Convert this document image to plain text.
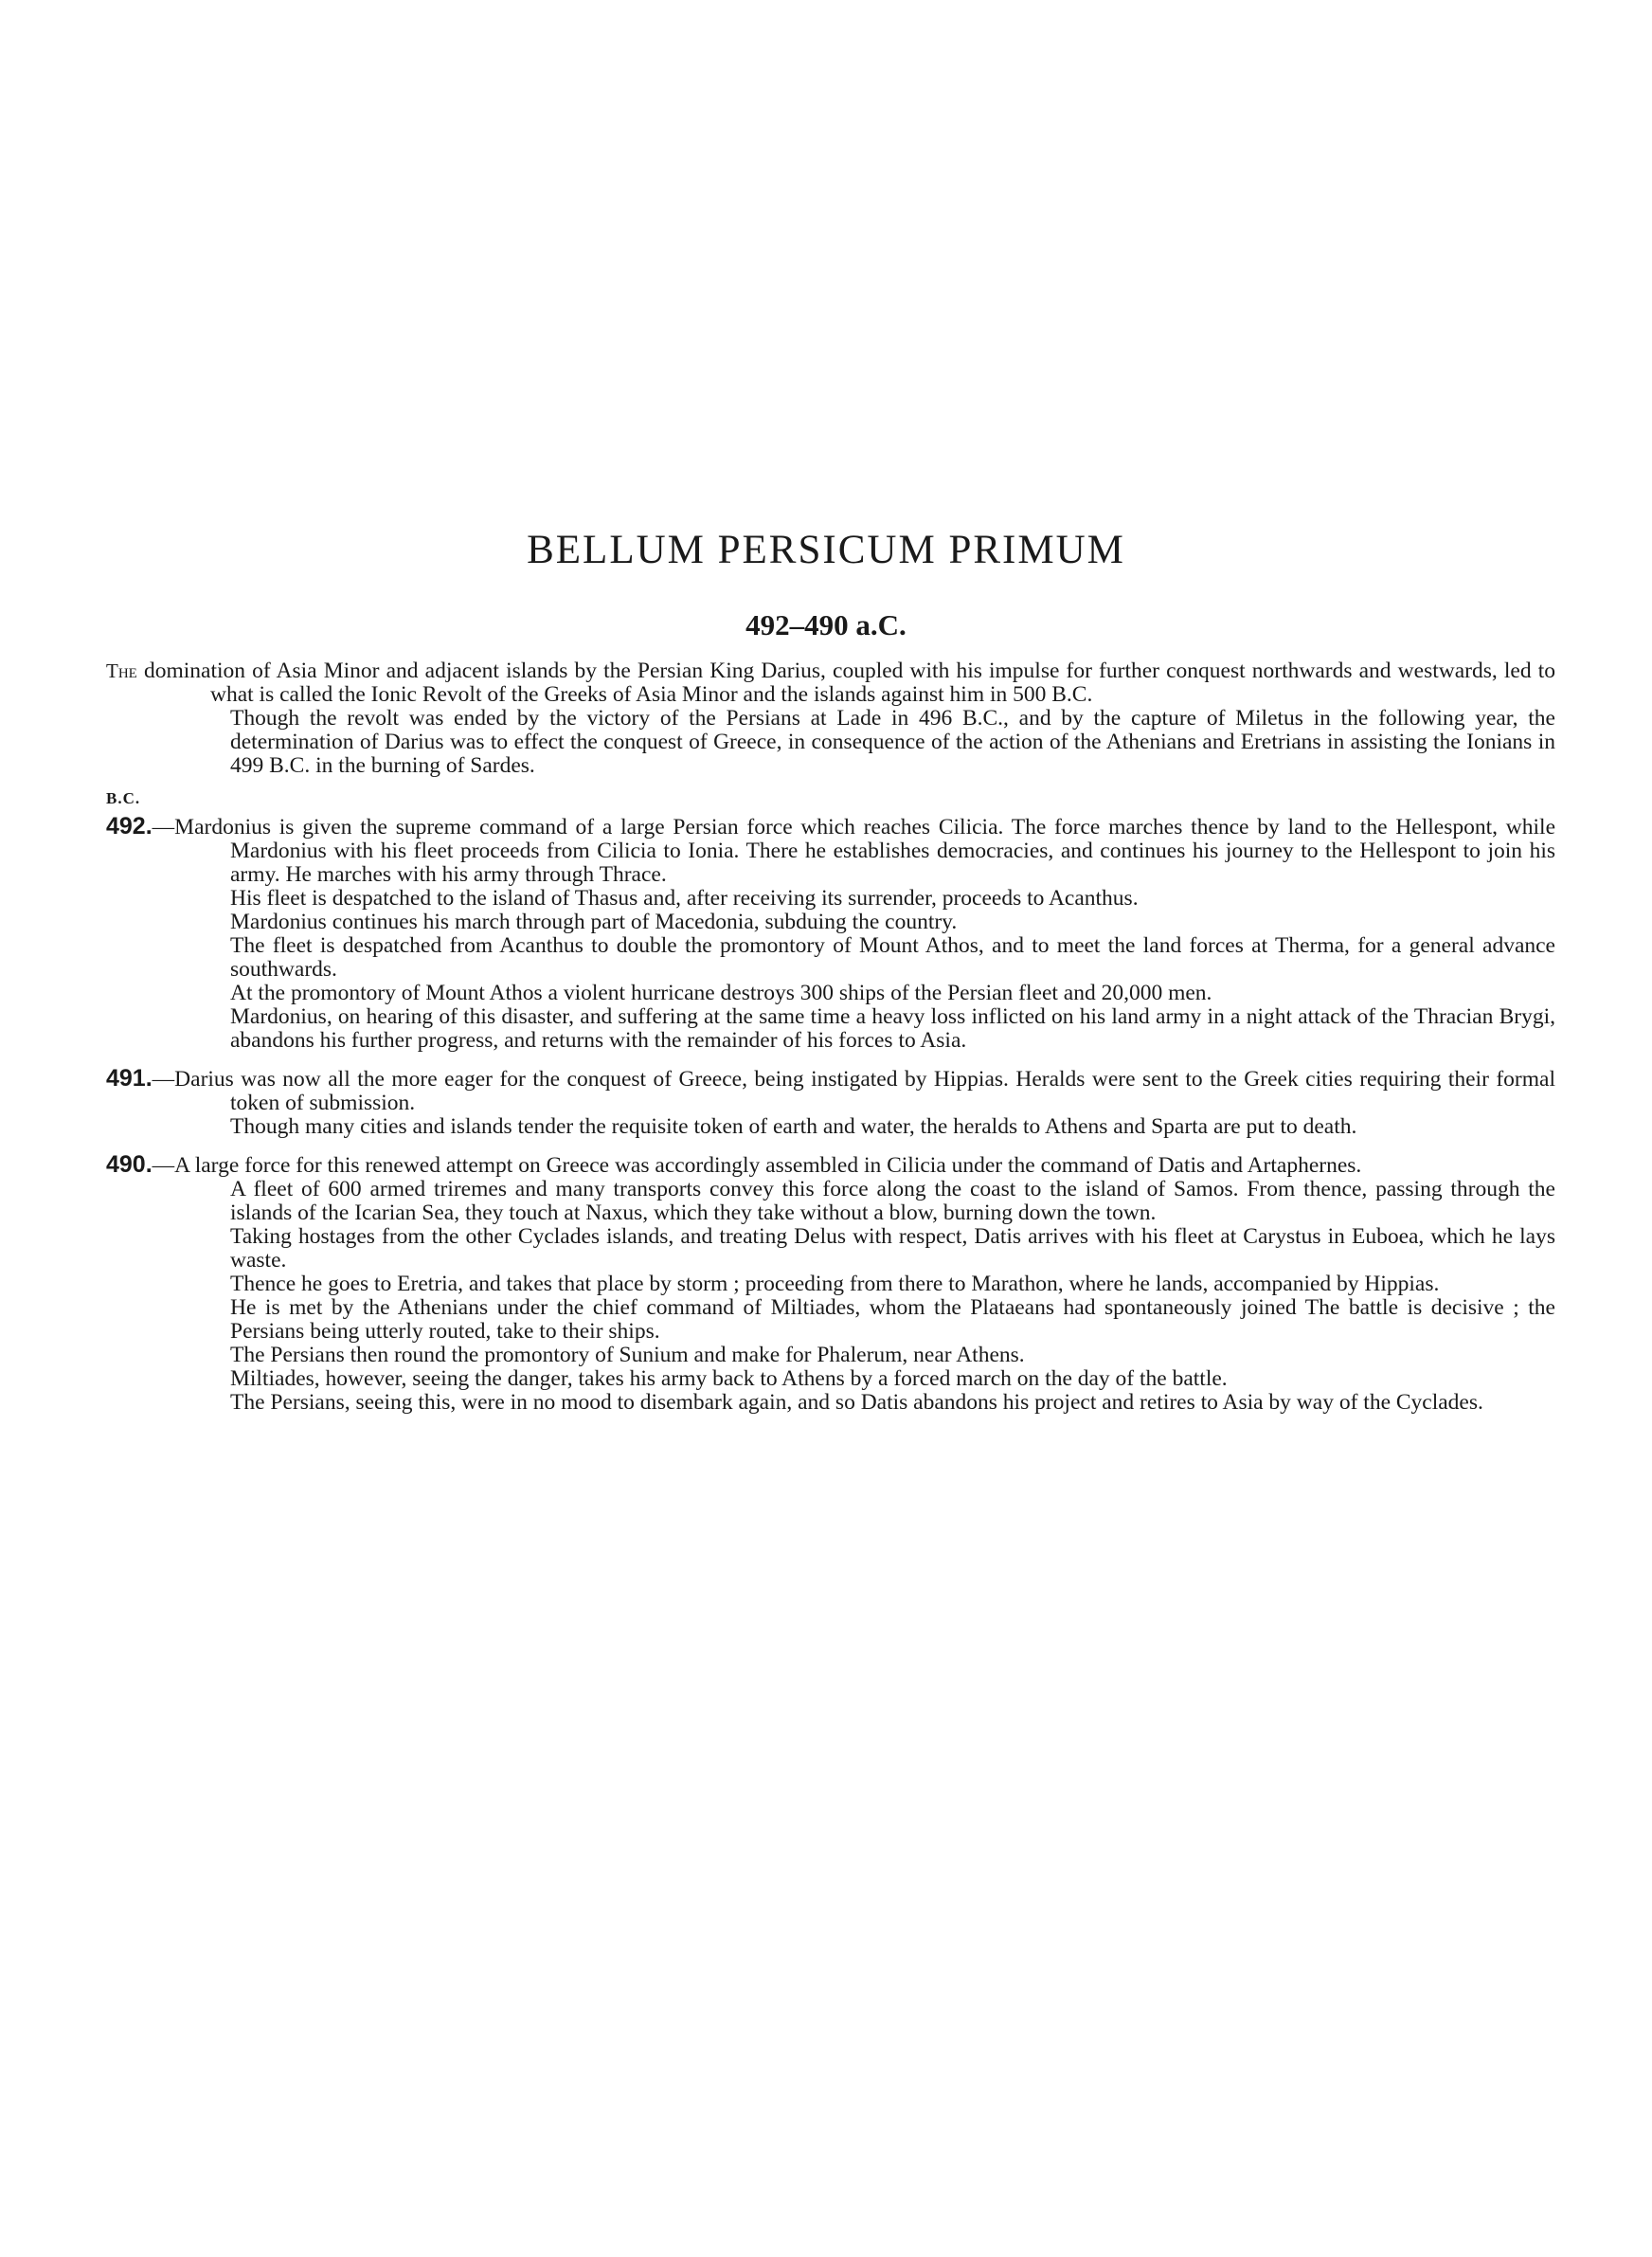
BELLUM PERSICUM PRIMUM
492–490 a.C.

The domination of Asia Minor and adjacent islands by the Persian King Darius, coupled with his impulse for further conquest northwards and westwards, led to what is called the Ionic Revolt of the Greeks of Asia Minor and the islands against him in 500 B.C.

Though the revolt was ended by the victory of the Persians at Lade in 496 B.C., and by the capture of Miletus in the following year, the determination of Darius was to effect the conquest of Greece, in consequence of the action of the Athenians and Eretrians in assisting the Ionians in 499 B.C. in the burning of Sardes.

B.C.

492.—Mardonius is given the supreme command of a large Persian force which reaches Cilicia. The force marches thence by land to the Hellespont, while Mardonius with his fleet proceeds from Cilicia to Ionia. There he establishes democracies, and continues his journey to the Hellespont to join his army. He marches with his army through Thrace.

His fleet is despatched to the island of Thasus and, after receiving its surrender, proceeds to Acanthus.

Mardonius continues his march through part of Macedonia, subduing the country.

The fleet is despatched from Acanthus to double the promontory of Mount Athos, and to meet the land forces at Therma, for a general advance southwards.

At the promontory of Mount Athos a violent hurricane destroys 300 ships of the Persian fleet and 20,000 men.

Mardonius, on hearing of this disaster, and suffering at the same time a heavy loss inflicted on his land army in a night attack of the Thracian Brygi, abandons his further progress, and returns with the remainder of his forces to Asia.

491.—Darius was now all the more eager for the conquest of Greece, being instigated by Hippias. Heralds were sent to the Greek cities requiring their formal token of submission.

Though many cities and islands tender the requisite token of earth and water, the heralds to Athens and Sparta are put to death.

490.—A large force for this renewed attempt on Greece was accordingly assembled in Cilicia under the command of Datis and Artaphernes.

A fleet of 600 armed triremes and many transports convey this force along the coast to the island of Samos. From thence, passing through the islands of the Icarian Sea, they touch at Naxus, which they take without a blow, burning down the town.

Taking hostages from the other Cyclades islands, and treating Delus with respect, Datis arrives with his fleet at Carystus in Euboea, which he lays waste.

Thence he goes to Eretria, and takes that place by storm ; proceeding from there to Marathon, where he lands, accompanied by Hippias.

He is met by the Athenians under the chief command of Miltiades, whom the Plataeans had spontaneously joined The battle is decisive ; the Persians being utterly routed, take to their ships.

The Persians then round the promontory of Sunium and make for Phalerum, near Athens.

Miltiades, however, seeing the danger, takes his army back to Athens by a forced march on the day of the battle.

The Persians, seeing this, were in no mood to disembark again, and so Datis abandons his project and retires to Asia by way of the Cyclades.
